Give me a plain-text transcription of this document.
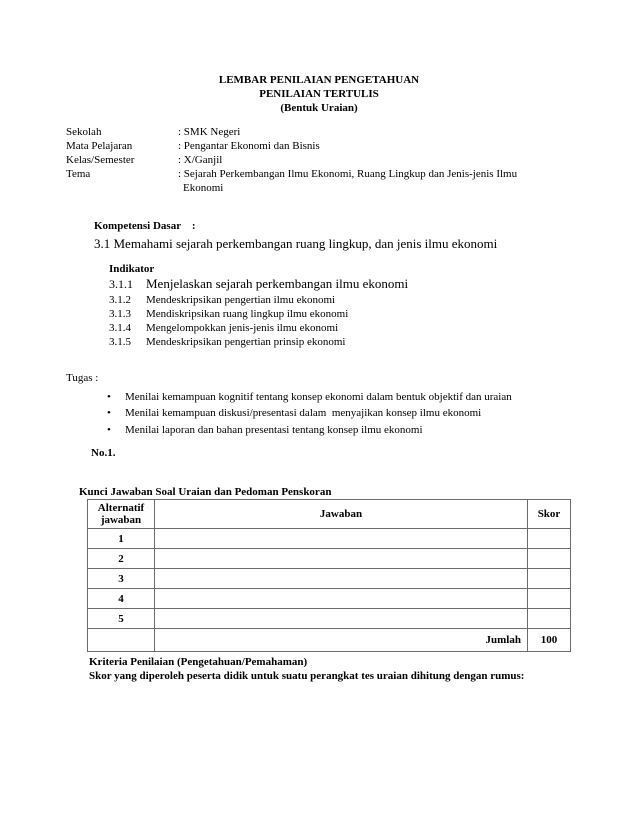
LEMBAR PENILAIAN PENGETAHUAN
PENILAIAN TERTULIS
(Bentuk Uraian)
Sekolah	: SMK Negeri
Mata Pelajaran	: Pengantar Ekonomi dan Bisnis
Kelas/Semester	: X/Ganjil
Tema	: Sejarah Perkembangan Ilmu Ekonomi, Ruang Lingkup dan Jenis-jenis Ilmu
Ekonomi
Kompetensi Dasar    :
3.1 Memahami sejarah perkembangan ruang lingkup, dan jenis ilmu ekonomi
Indikator
3.1.1 Menjelaskan sejarah perkembangan ilmu ekonomi
3.1.2 Mendeskripsikan pengertian ilmu ekonomi
3.1.3 Mendiskripsikan ruang lingkup ilmu ekonomi
3.1.4 Mengelompokkan jenis-jenis ilmu ekonomi
3.1.5 Mendeskripsikan pengertian prinsip ekonomi
Tugas :
• Menilai kemampuan kognitif tentang konsep ekonomi dalam bentuk objektif dan uraian
• Menilai kemampuan diskusi/presentasi dalam  menyajikan konsep ilmu ekonomi
• Menilai laporan dan bahan presentasi tentang konsep ilmu ekonomi
No.1.
Kunci Jawaban Soal Uraian dan Pedoman Penskoran
Alternatif
jawaban	Jawaban	Skor
1		
2		
3		
4		
5		
	Jumlah	100
Kriteria Penilaian (Pengetahuan/Pemahaman)
Skor yang diperoleh peserta didik untuk suatu perangkat tes uraian dihitung dengan rumus:
